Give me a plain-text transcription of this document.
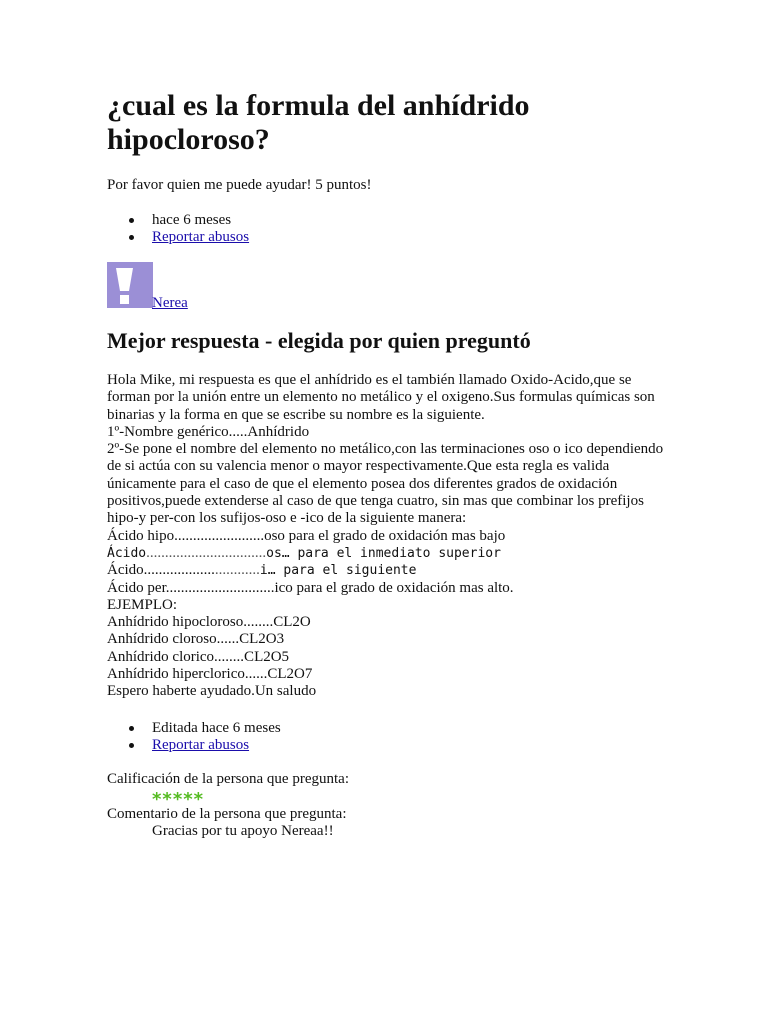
¿cual es la formula del anhídrido hipocloroso?

Por favor quien me puede ayudar! 5 puntos!

hace 6 meses
Reportar abusos
Nerea
Mejor respuesta - elegida por quien preguntó

Hola Mike, mi respuesta es que el anhídrido es el también llamado Oxido-Acido,que se forman por la unión entre un elemento no metálico y el oxigeno.Sus formulas químicas son binarias y la forma en que se escribe su nombre es la siguiente.

1º-Nombre genérico.....Anhídrido

2º-Se pone el nombre del elemento no metálico,con las terminaciones oso o ico dependiendo de si actúa con su valencia menor o mayor respectivamente.Que esta regla es valida únicamente para el caso de que el elemento posea dos diferentes grados de oxidación positivos,puede extenderse al caso de que tenga cuatro, sin mas que combinar los prefijos hipo-y per-con los sufijos-oso e -ico de la siguiente manera:

Ácido hipo........................oso para el grado de oxidación mas bajo

Ácido................................os… para el inmediato superior

Ácido...............................i… para el siguiente

Ácido per.............................ico para el grado de oxidación mas alto.

EJEMPLO:

Anhídrido hipocloroso........CL2O

Anhídrido cloroso......CL2O3

Anhídrido clorico........CL2O5

Anhídrido hiperclorico......CL2O7

Espero haberte ayudado.Un saludo

Editada hace 6 meses
Reportar abusos
Calificación de la persona que pregunta:
*****
Comentario de la persona que pregunta:
Gracias por tu apoyo Nereaa!!
